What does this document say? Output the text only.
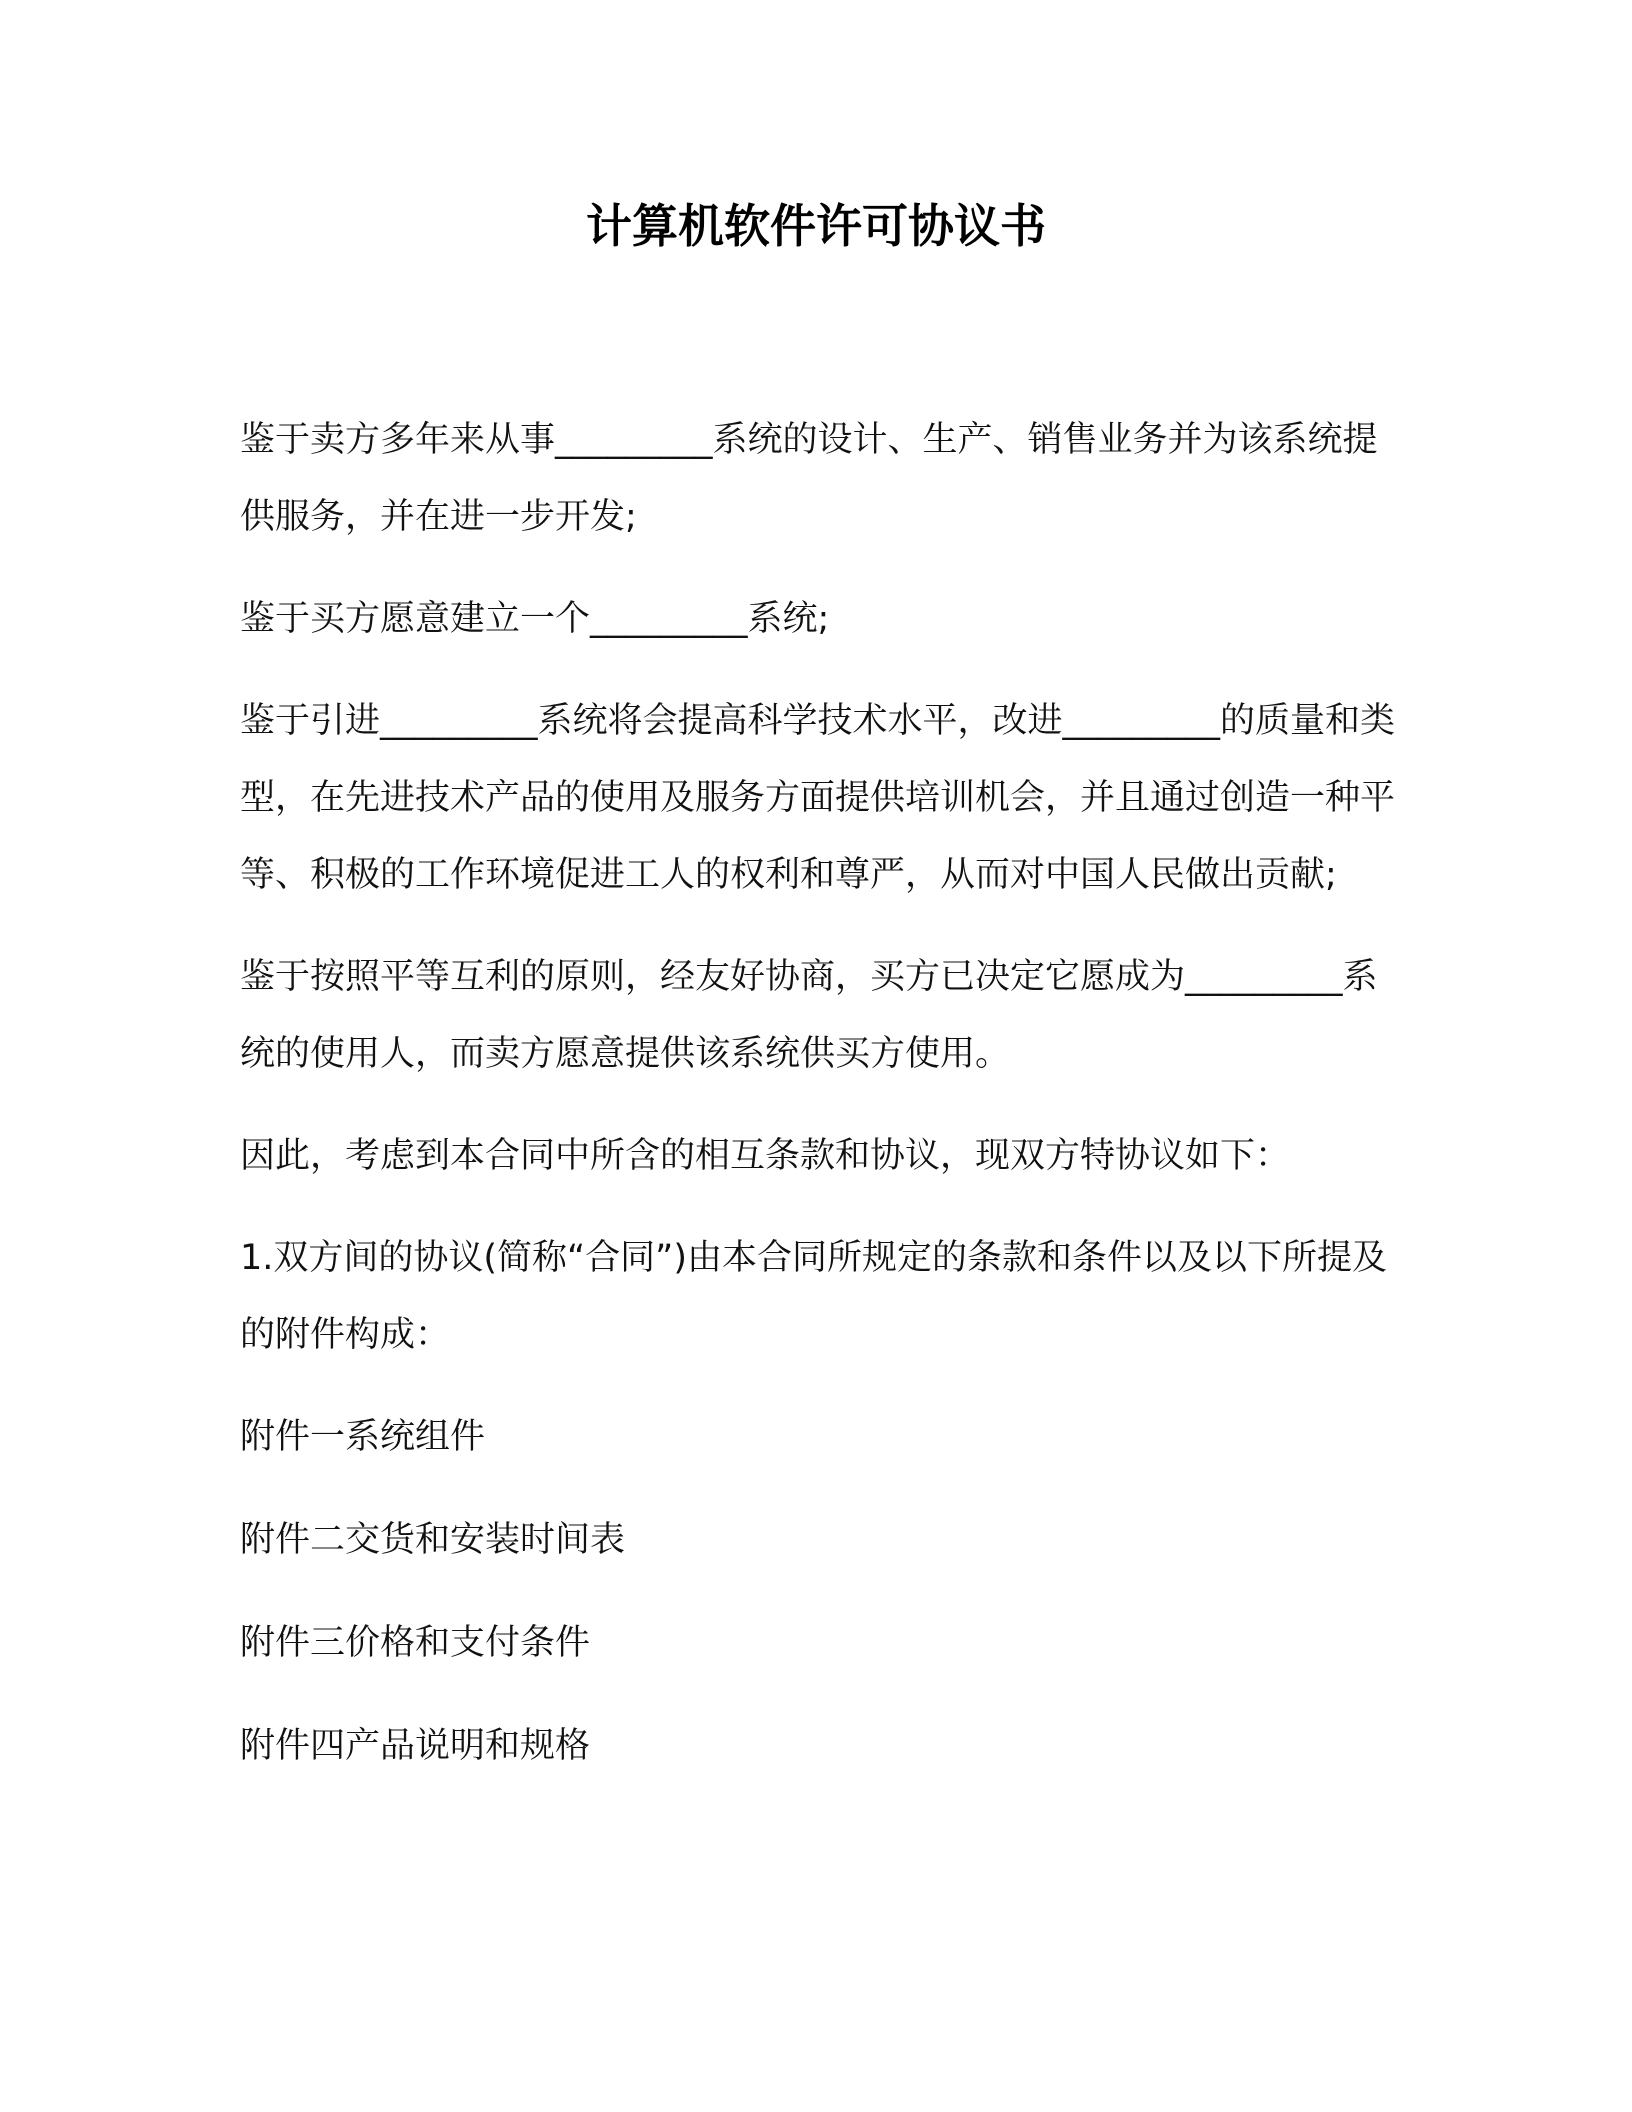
计算机软件许可协议书

鉴于卖方多年来从事_________系统的设计、生产、销售业务并为该系统提供服务，并在进一步开发;

鉴于买方愿意建立一个_________系统;

鉴于引进_________系统将会提高科学技术水平，改进_________的质量和类型，在先进技术产品的使用及服务方面提供培训机会，并且通过创造一种平等、积极的工作环境促进工人的权利和尊严，从而对中国人民做出贡献;

鉴于按照平等互利的原则，经友好协商，买方已决定它愿成为_________系统的使用人，而卖方愿意提供该系统供买方使用。

因此，考虑到本合同中所含的相互条款和协议，现双方特协议如下：

1.双方间的协议(简称“合同”)由本合同所规定的条款和条件以及以下所提及的附件构成：

附件一系统组件

附件二交货和安装时间表

附件三价格和支付条件

附件四产品说明和规格
